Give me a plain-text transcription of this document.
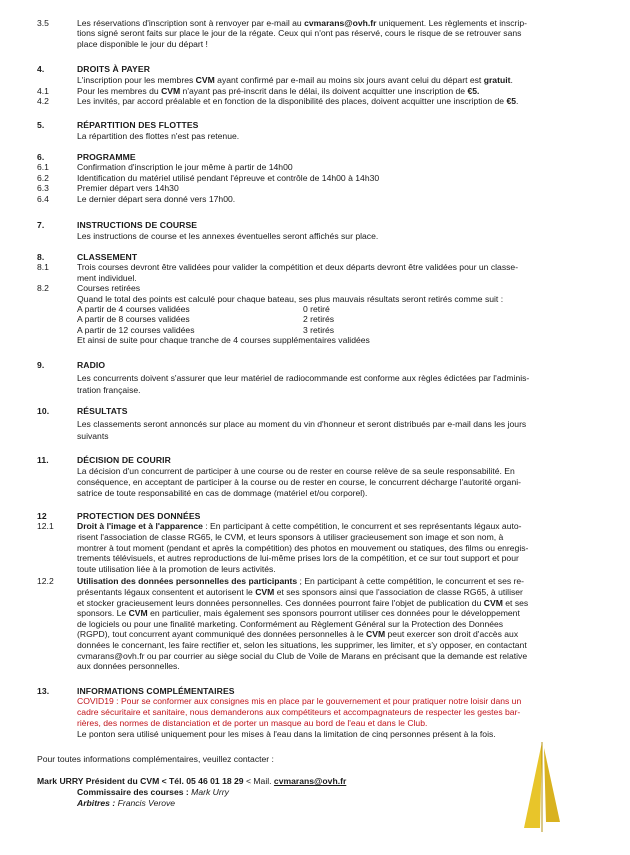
3.5	Les réservations d'inscription sont à renvoyer par e-mail au cvmarans@ovh.fr uniquement. Les règlements et inscrip-
tions signé seront faits sur place le jour de la régate. Ceux qui n'ont pas réservé, cours le risque de se retrouver sans
place disponible le jour du départ !
4.	DROITS À PAYER
L'inscription pour les membres CVM ayant confirmé par e-mail au moins six jours avant celui du départ est gratuit.
4.1	Pour les membres du CVM n'ayant pas pré-inscrit dans le délai, ils doivent acquitter une inscription de €5.
4.2	Les invités, par accord préalable et en fonction de la disponibilité des places, doivent acquitter une inscription de €5.
5.	RÉPARTITION DES FLOTTES
La répartition des flottes n'est pas retenue.
6.	PROGRAMME
6.1	Confirmation d'inscription le jour même à partir de 14h00
6.2	Identification du matériel utilisé pendant l'épreuve et contrôle de 14h00 à 14h30
6.3	Premier départ vers 14h30
6.4	Le dernier départ sera donné vers 17h00.
7.	INSTRUCTIONS DE COURSE
Les instructions de course et les annexes éventuelles seront affichés sur place.
8.	CLASSEMENT
8.1	Trois courses devront être validées pour valider la compétition et deux départs devront être validées pour un classe-
ment individuel.
8.2	Courses retirées
Quand le total des points est calculé pour chaque bateau, ses plus mauvais résultats seront retirés comme suit :
A partir de 4 courses validées	0 retiré
A partir de 8 courses validées	2 retirés
A partir de 12 courses validées	3 retirés
Et ainsi de suite pour chaque tranche de 4 courses supplémentaires validées
9.	RADIO
Les concurrents doivent s'assurer que leur matériel de radiocommande est conforme aux règles édictées par l'adminis-
tration française.
10.	RÉSULTATS
Les classements seront annoncés sur place au moment du vin d'honneur et seront distribués par e-mail dans les jours
suivants
11.	DÉCISION DE COURIR
La décision d'un concurrent de participer à une course ou de rester en course relève de sa seule responsabilité. En
conséquence, en acceptant de participer à la course ou de rester en course, le concurrent décharge l'autorité organi-
satrice de toute responsabilité en cas de dommage (matériel et/ou corporel).
12	PROTECTION DES DONNÉES
12.1	Droit à l'image et à l'apparence : En participant à cette compétition, le concurrent et ses représentants légaux auto-
risent l'association de classe RG65, le CVM, et leurs sponsors à utiliser gracieusement son image et son nom, à
montrer à tout moment (pendant et après la compétition) des photos en mouvement ou statiques, des films ou enregis-
trements télévisuels, et autres reproductions de lui-même prises lors de la compétition, et ce sur tout support et pour
toute utilisation liée à la promotion de leurs activités.
12.2	Utilisation des données personnelles des participants ; En participant à cette compétition, le concurrent et ses re-
présentants légaux consentent et autorisent le CVM et ses sponsors ainsi que l'association de classe RG65, à utiliser
et stocker gracieusement leurs données personnelles. Ces données pourront faire l'objet de publication du CVM et ses
sponsors. Le CVM en particulier, mais également ses sponsors pourront utiliser ces données pour le développement
de logiciels ou pour une finalité marketing. Conformément au Règlement Général sur la Protection des Données
(RGPD), tout concurrent ayant communiqué des données personnelles à le CVM peut exercer son droit d'accès aux
données le concernant, les faire rectifier et, selon les situations, les supprimer, les limiter, et s'y opposer, en contactant
cvmarans@ovh.fr ou par courrier au siège social du Club de Voile de Marans en précisant que la demande est relative
aux données personnelles.
13.	INFORMATIONS COMPLÉMENTAIRES
COVID19 : Pour se conformer aux consignes mis en place par le gouvernement et pour pratiquer notre loisir dans un
cadre sécuritaire et sanitaire, nous demanderons aux compétiteurs et accompagnateurs de respecter les gestes bar-
rières, des normes de distanciation et de porter un masque au bord de l'eau et dans le Club.
Le ponton sera utilisé uniquement pour les mises à l'eau dans la limitation de cinq personnes présent à la fois.
Pour toutes informations complémentaires, veuillez contacter :
Mark URRY Président du CVM < Tél. 05 46 01 18 29 < Mail. cvmarans@ovh.fr
Commissaire des courses : Mark Urry
Arbitres : Francis Verove
